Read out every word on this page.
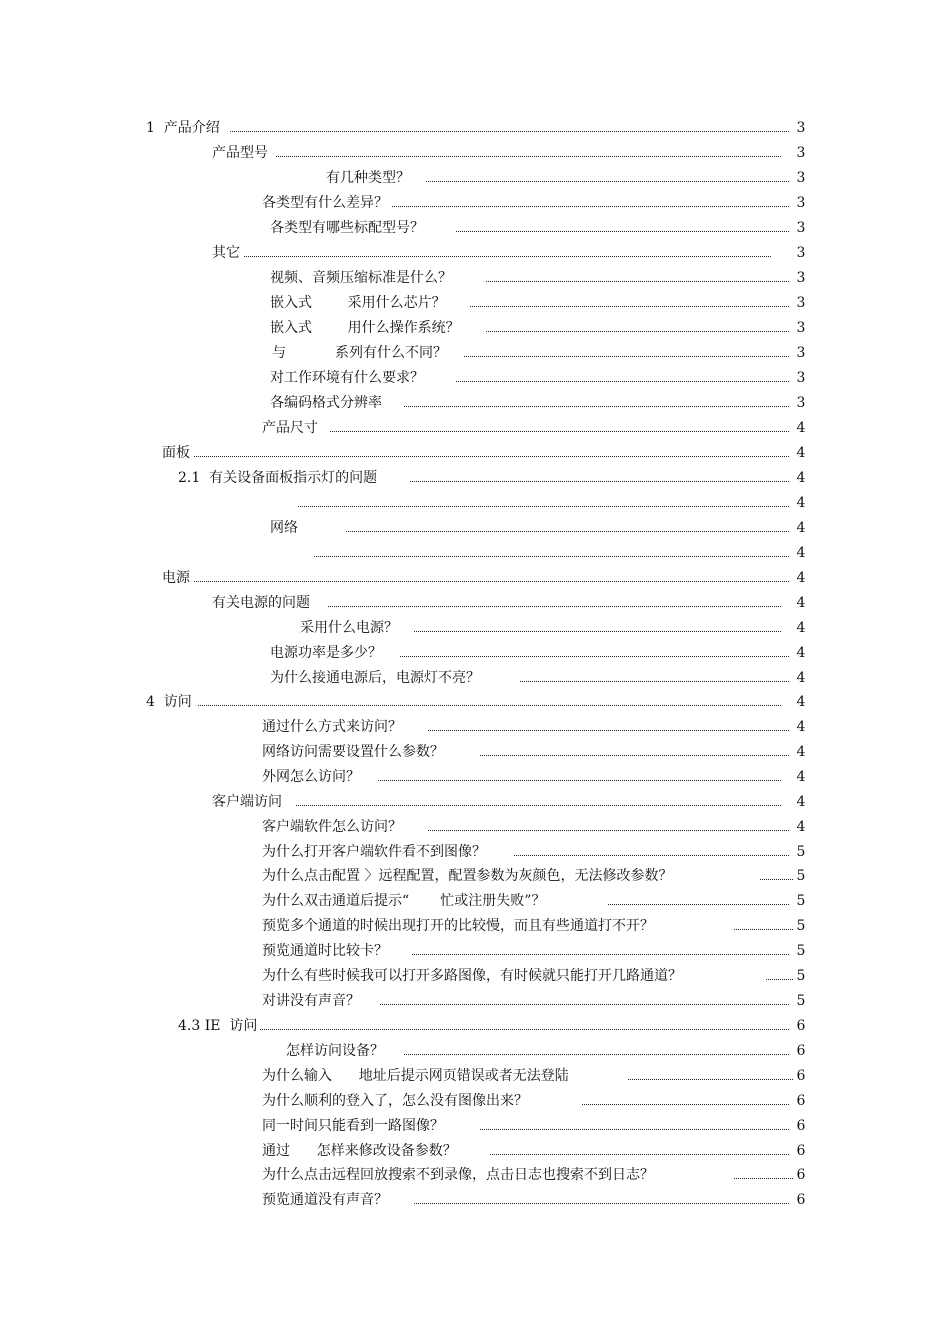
1  产品介绍	3
产品型号	3
有几种类型？	3
各类型有什么差异？	3
各类型有哪些标配型号？	3
其它	3
视频、音频压缩标准是什么？	3
嵌入式        采用什么芯片？	3
嵌入式        用什么操作系统？	3
与           系列有什么不同？	3
对工作环境有什么要求？	3
各编码格式分辨率	3
产品尺寸	4
面板	4
2.1  有关设备面板指示灯的问题	4
4
网络	4
4
电源	4
有关电源的问题	4
采用什么电源？	4
电源功率是多少？	4
为什么接通电源后，电源灯不亮？	4
4  访问	4
通过什么方式来访问？	4
网络访问需要设置什么参数？	4
外网怎么访问？	4
客户端访问	4
客户端软件怎么访问？	4
为什么打开客户端软件看不到图像？	5
为什么点击配置 〉远程配置，配置参数为灰颜色，无法修改参数？	5
为什么双击通道后提示“       忙或注册失败”？	5
预览多个通道的时候出现打开的比较慢，而且有些通道打不开？	5
预览通道时比较卡？	5
为什么有些时候我可以打开多路图像，有时候就只能打开几路通道？	5
对讲没有声音？	5
4.3 IE  访问	6
怎样访问设备？	6
为什么输入      地址后提示网页错误或者无法登陆	6
为什么顺利的登入了，怎么没有图像出来？	6
同一时间只能看到一路图像？	6
通过      怎样来修改设备参数？	6
为什么点击远程回放搜索不到录像，点击日志也搜索不到日志？	6
预览通道没有声音？	6
